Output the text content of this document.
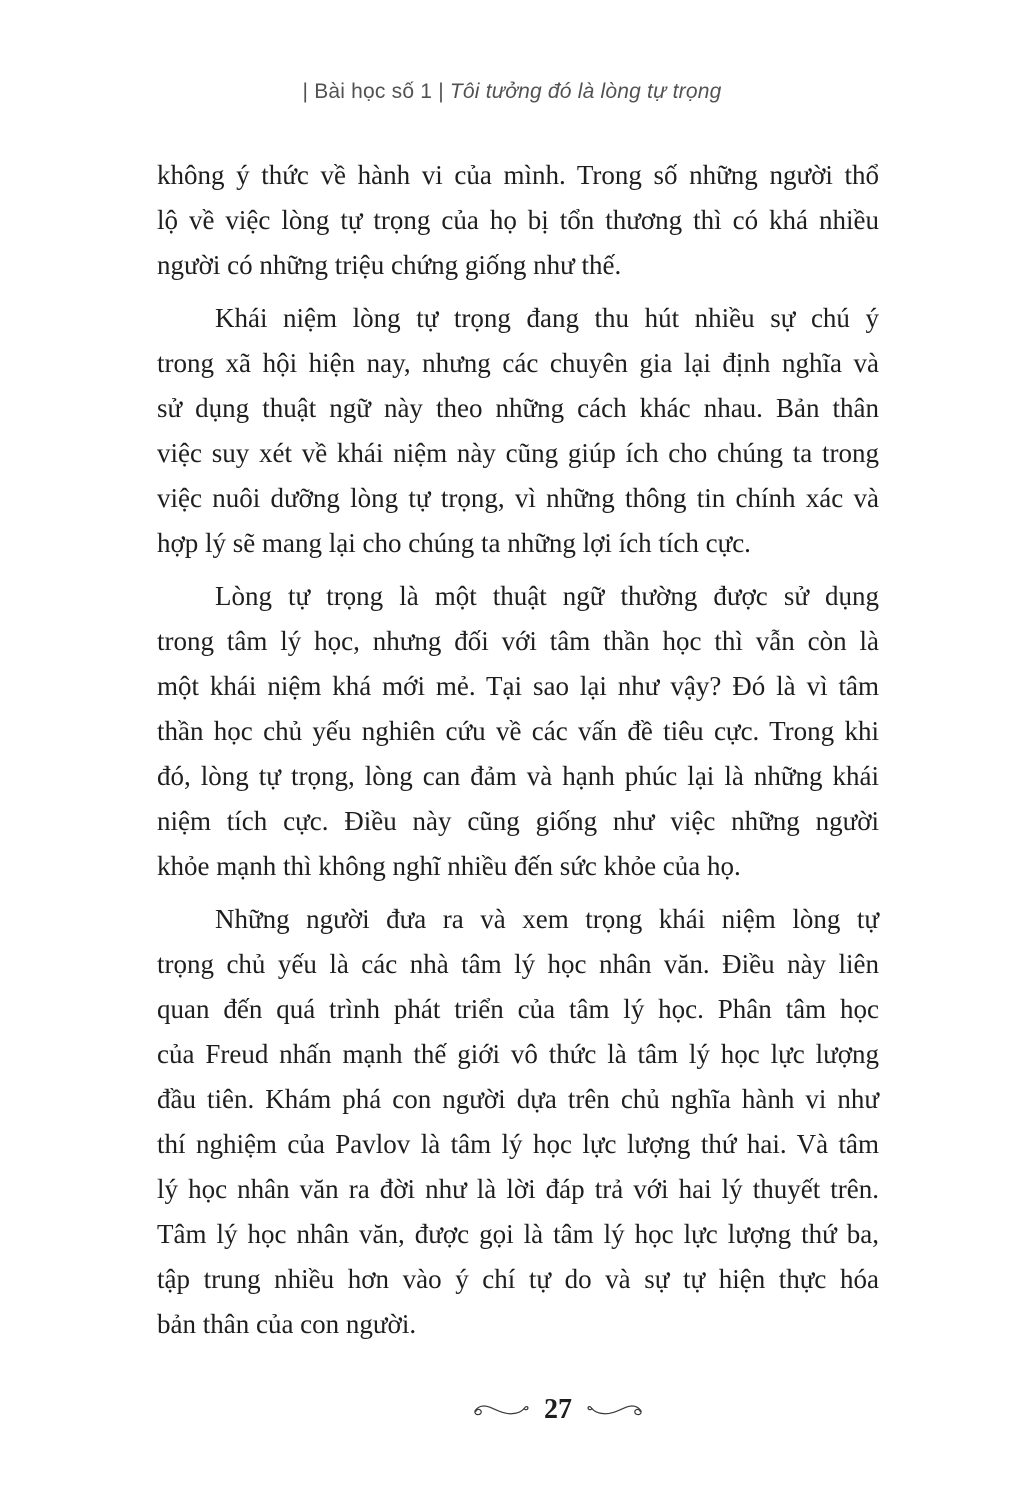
| Bài học số 1 | Tôi tưởng đó là lòng tự trọng
không ý thức về hành vi của mình. Trong số những người thổ
lộ về việc lòng tự trọng của họ bị tổn thương thì có khá nhiều
người có những triệu chứng giống như thế.
Khái niệm lòng tự trọng đang thu hút nhiều sự chú ý
trong xã hội hiện nay, nhưng các chuyên gia lại định nghĩa và
sử dụng thuật ngữ này theo những cách khác nhau. Bản thân
việc suy xét về khái niệm này cũng giúp ích cho chúng ta trong
việc nuôi dưỡng lòng tự trọng, vì những thông tin chính xác và
hợp lý sẽ mang lại cho chúng ta những lợi ích tích cực.
Lòng tự trọng là một thuật ngữ thường được sử dụng
trong tâm lý học, nhưng đối với tâm thần học thì vẫn còn là
một khái niệm khá mới mẻ. Tại sao lại như vậy? Đó là vì tâm
thần học chủ yếu nghiên cứu về các vấn đề tiêu cực. Trong khi
đó, lòng tự trọng, lòng can đảm và hạnh phúc lại là những khái
niệm tích cực. Điều này cũng giống như việc những người
khỏe mạnh thì không nghĩ nhiều đến sức khỏe của họ.
Những người đưa ra và xem trọng khái niệm lòng tự
trọng chủ yếu là các nhà tâm lý học nhân văn. Điều này liên
quan đến quá trình phát triển của tâm lý học. Phân tâm học
của Freud nhấn mạnh thế giới vô thức là tâm lý học lực lượng
đầu tiên. Khám phá con người dựa trên chủ nghĩa hành vi như
thí nghiệm của Pavlov là tâm lý học lực lượng thứ hai. Và tâm
lý học nhân văn ra đời như là lời đáp trả với hai lý thuyết trên.
Tâm lý học nhân văn, được gọi là tâm lý học lực lượng thứ ba,
tập trung nhiều hơn vào ý chí tự do và sự tự hiện thực hóa
bản thân của con người.
27
